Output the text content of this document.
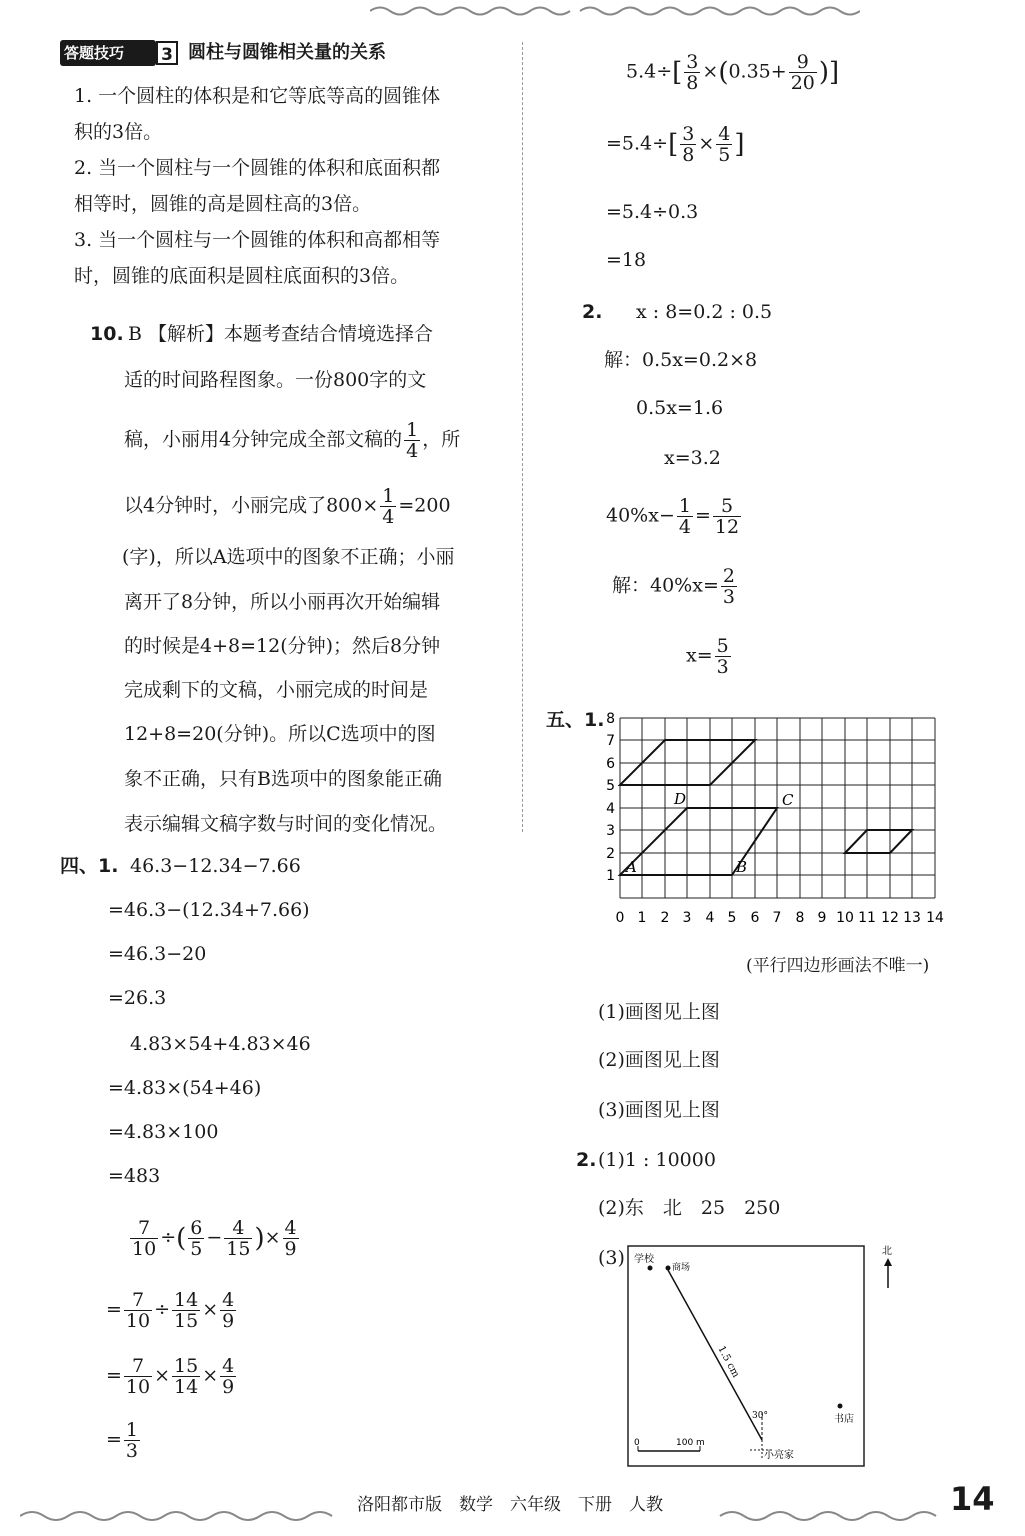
答题技巧	3 圆柱与圆锥相关量的关系
1. 一个圆柱的体积是和它等底等高的圆锥体
积的3倍。
2. 当一个圆柱与一个圆锥的体积和底面积都
相等时，圆锥的高是圆柱高的3倍。
3. 当一个圆柱与一个圆锥的体积和高都相等
时，圆锥的底面积是圆柱底面积的3倍。
10. B 【解析】本题考查结合情境选择合
适的时间路程图象。一份800字的文
稿，小丽用4分钟完成全部文稿的 $\frac{1}{4}$ ，所
以4分钟时，小丽完成了$800\times \frac{1}{4} =200$
(字)，所以A选项中的图象不正确；小丽
离开了8分钟，所以小丽再次开始编辑
的时候是4+8=12(分钟)；然后8分钟
完成剩下的文稿，小丽完成的时间是
12+8=20(分钟)。所以C选项中的图
象不正确，只有B选项中的图象能正确
表示编辑文稿字数与时间的变化情况。
四、1. 46.3−12.34−7.66
=46.3−(12.34+7.66)
=46.3−20
=26.3
4.83×54+4.83×46
=4.83×(54+46)
=4.83×100
=483
$\frac{7}{10}$ ÷( $\frac{6}{5} - \frac{4}{15}$ )× $\frac{4}{9}$
= $\frac{7}{10} \div \frac{14}{15} \times \frac{4}{9}$
= $\frac{7}{10} \times \frac{15}{14} \times \frac{4}{9}$
= $\frac{1}{3}$
$5.4\div[ \frac{3}{8} \times(0.35+ \frac{9}{20}$ )]
$=5.4\div[ \frac{3}{8} \times \frac{4}{5}$ ]
=5.4÷0.3
=18
2. x : 8=0.2 : 0.5
解：0.5x=0.2×8
0.5x=1.6
x=3.2
$40\%x- \frac{1}{4} = \frac{5}{12}$
解：$40\%x= \frac{2}{3}$
$x= \frac{5}{3}$
五、1.
A	B
C
D
1
2
3
4
5
6
7
8
0 1 2 3 4 5 6 7 8 9 10 11 12 13 14
(平行四边形画法不唯一)
(1)画图见上图
(2)画图见上图
(3)画图见上图
2. (1)1 : 10000
(2)东　北　25　250
(3) 学校
商场
1.5 cm
30°	书店
小亮家
0	100 m
北
洛阳都市版　数学　六年级　下册　人教	14
